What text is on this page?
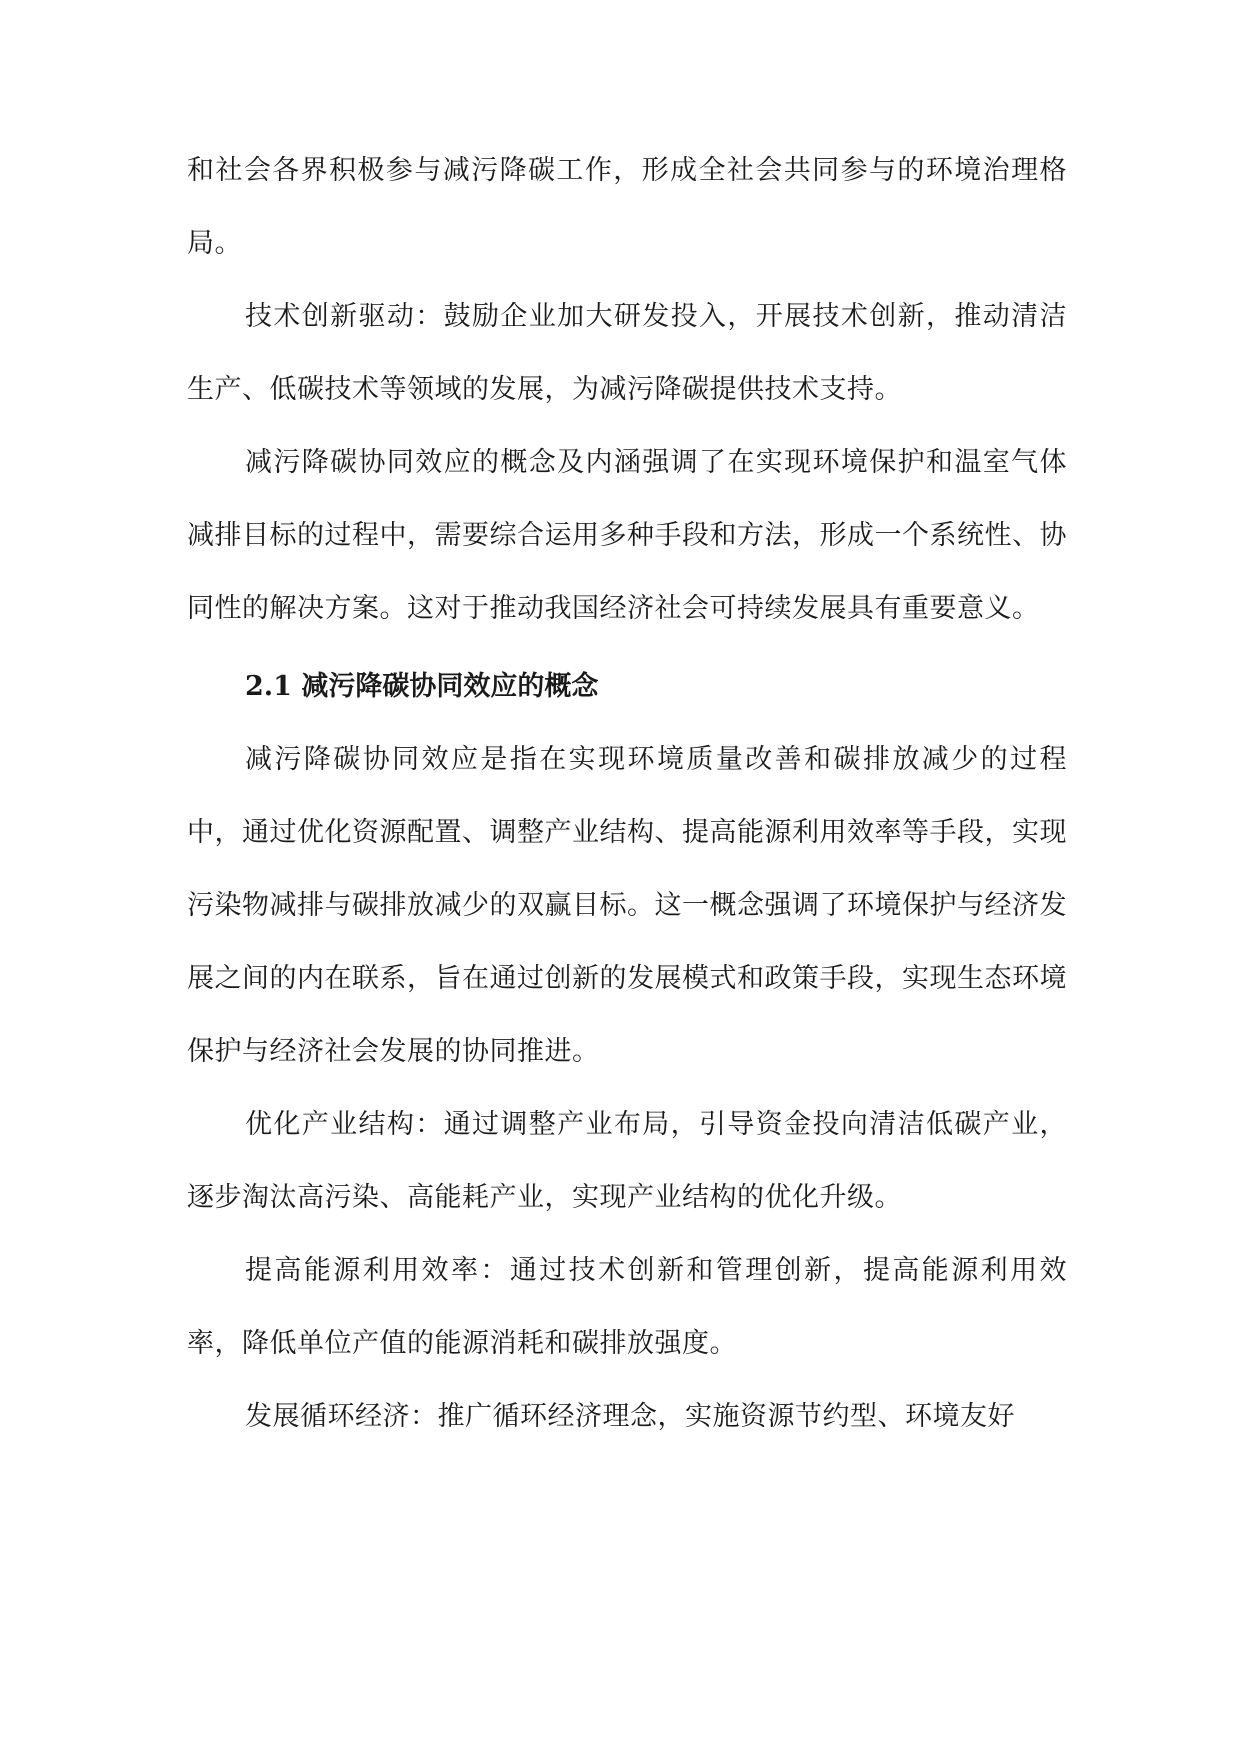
和社会各界积极参与减污降碳工作，形成全社会共同参与的环境治理格局。

技术创新驱动：鼓励企业加大研发投入，开展技术创新，推动清洁生产、低碳技术等领域的发展，为减污降碳提供技术支持。

减污降碳协同效应的概念及内涵强调了在实现环境保护和温室气体减排目标的过程中，需要综合运用多种手段和方法，形成一个系统性、协同性的解决方案。这对于推动我国经济社会可持续发展具有重要意义。

2.1 减污降碳协同效应的概念

减污降碳协同效应是指在实现环境质量改善和碳排放减少的过程中，通过优化资源配置、调整产业结构、提高能源利用效率等手段，实现污染物减排与碳排放减少的双赢目标。这一概念强调了环境保护与经济发展之间的内在联系，旨在通过创新的发展模式和政策手段，实现生态环境保护与经济社会发展的协同推进。

优化产业结构：通过调整产业布局，引导资金投向清洁低碳产业，逐步淘汰高污染、高能耗产业，实现产业结构的优化升级。

提高能源利用效率：通过技术创新和管理创新，提高能源利用效率，降低单位产值的能源消耗和碳排放强度。

发展循环经济：推广循环经济理念，实施资源节约型、环境友好
